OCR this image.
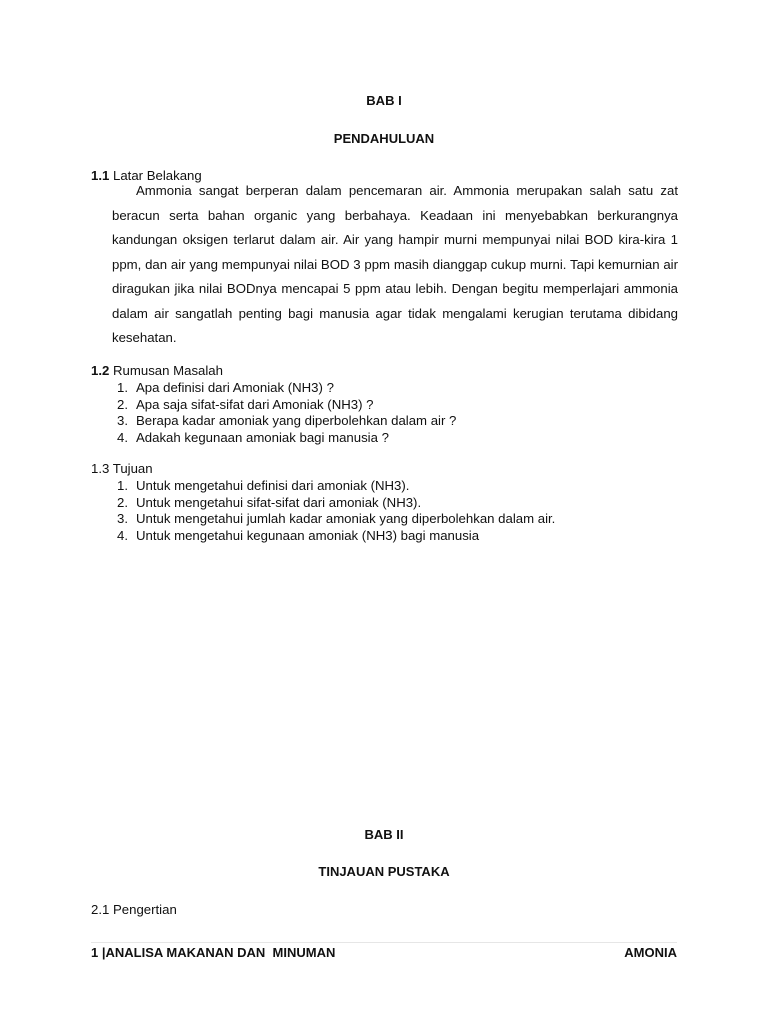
BAB I
PENDAHULUAN
1.1 Latar Belakang

Ammonia sangat berperan dalam pencemaran air. Ammonia merupakan salah satu zat beracun serta bahan organic yang berbahaya. Keadaan ini menyebabkan berkurangnya kandungan oksigen terlarut dalam air. Air yang hampir murni mempunyai nilai BOD kira-kira 1 ppm, dan air yang mempunyai nilai BOD 3 ppm masih dianggap cukup murni. Tapi kemurnian air diragukan jika nilai BODnya mencapai 5 ppm atau lebih. Dengan begitu memperlajari ammonia dalam air sangatlah penting bagi manusia agar tidak mengalami kerugian terutama dibidang kesehatan.

1.2 Rumusan Masalah
1. Apa definisi dari Amoniak (NH3) ?
2. Apa saja sifat-sifat dari Amoniak (NH3) ?
3. Berapa kadar amoniak yang diperbolehkan dalam air ?
4. Adakah kegunaan amoniak bagi manusia ?
1.3 Tujuan
1. Untuk mengetahui definisi dari amoniak (NH3).
2. Untuk mengetahui sifat-sifat dari amoniak (NH3).
3. Untuk mengetahui jumlah kadar amoniak yang diperbolehkan dalam air.
4. Untuk mengetahui kegunaan amoniak (NH3) bagi manusia
BAB II
TINJAUAN PUSTAKA
2.1 Pengertian
1 |ANALISA MAKANAN DAN  MINUMAN	AMONIA
